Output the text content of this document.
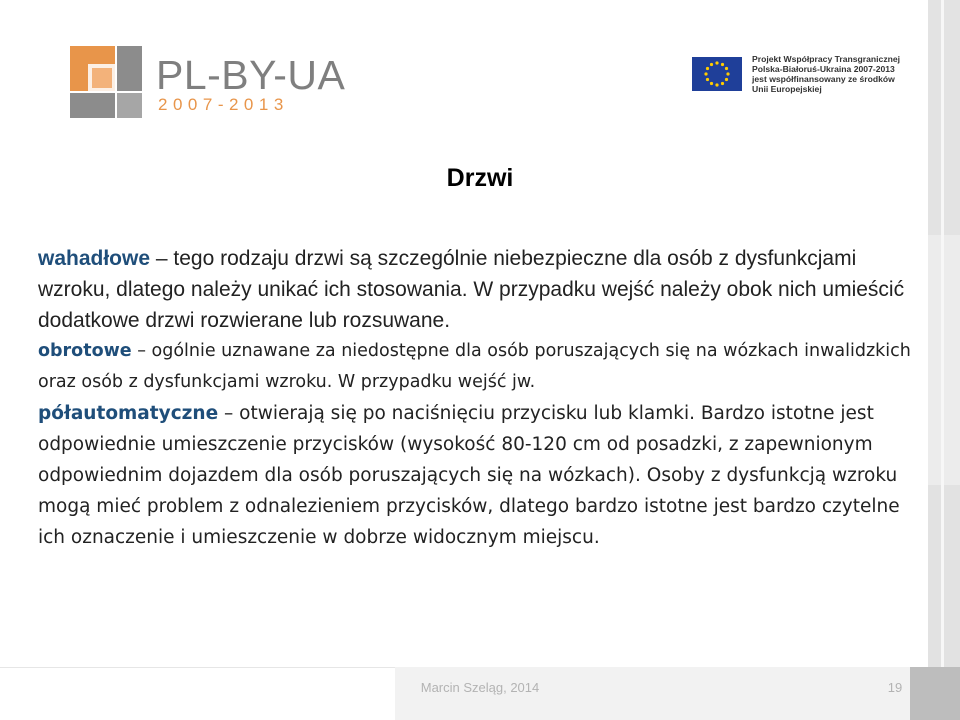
PL-BY-UA
2007-2013
Projekt Współpracy Transgranicznej
Polska-Białoruś-Ukraina 2007-2013
jest współfinansowany ze środków
Unii Europejskiej
Drzwi

wahadłowe – tego rodzaju drzwi są szczególnie niebezpieczne dla osób z dysfunkcjami wzroku, dlatego należy unikać ich stosowania. W przypadku wejść należy obok nich umieścić dodatkowe drzwi rozwierane lub rozsuwane.

obrotowe – ogólnie uznawane za niedostępne dla osób poruszających się na wózkach inwalidzkich oraz osób z dysfunkcjami wzroku. W przypadku wejść jw.

półautomatyczne – otwierają się po naciśnięciu przycisku lub klamki. Bardzo istotne jest odpowiednie umieszczenie przycisków (wysokość 80-120 cm od posadzki, z zapewnionym odpowiednim dojazdem dla osób poruszających się na wózkach). Osoby z dysfunkcją wzroku mogą mieć problem z odnalezieniem przycisków, dlatego bardzo istotne jest bardzo czytelne ich oznaczenie i umieszczenie w dobrze widocznym miejscu.

Marcin Szeląg, 2014	19
